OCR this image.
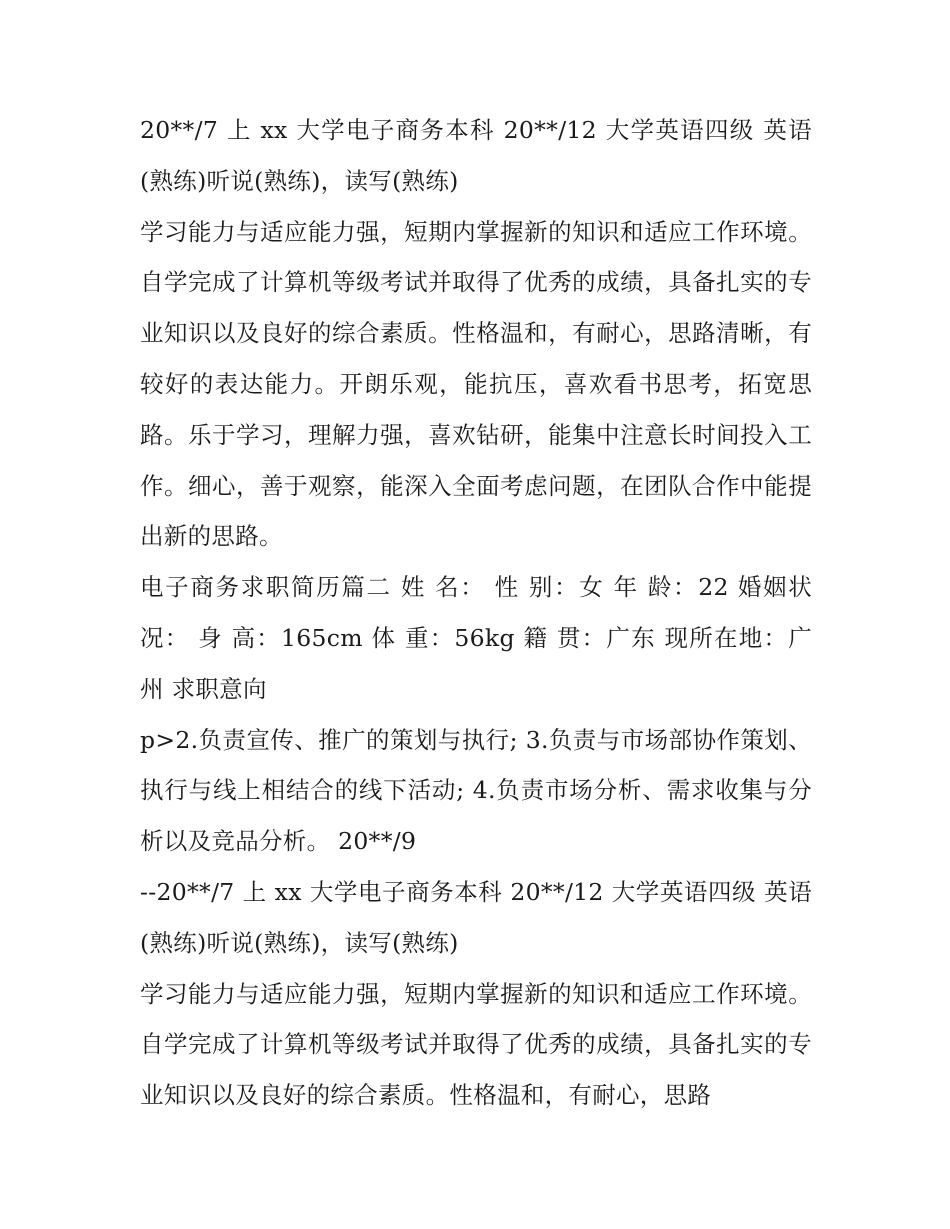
20**/7 上 xx 大学电子商务本科 20**/12 大学英语四级 英语(熟练)听说(熟练)，读写(熟练)

学习能力与适应能力强，短期内掌握新的知识和适应工作环境。自学完成了计算机等级考试并取得了优秀的成绩，具备扎实的专业知识以及良好的综合素质。性格温和，有耐心，思路清晰，有较好的表达能力。开朗乐观，能抗压，喜欢看书思考，拓宽思路。乐于学习，理解力强，喜欢钻研，能集中注意长时间投入工作。细心，善于观察，能深入全面考虑问题，在团队合作中能提出新的思路。

电子商务求职简历篇二 姓 名： 性 别：女 年 龄：22 婚姻状况： 身 高：165cm 体 重：56kg 籍 贯：广东 现所在地：广州 求职意向

p>2.负责宣传、推广的策划与执行; 3.负责与市场部协作策划、执行与线上相结合的线下活动; 4.负责市场分析、需求收集与分析以及竞品分析。 20**/9

--20**/7 上 xx 大学电子商务本科 20**/12 大学英语四级 英语(熟练)听说(熟练)，读写(熟练)

学习能力与适应能力强，短期内掌握新的知识和适应工作环境。自学完成了计算机等级考试并取得了优秀的成绩，具备扎实的专业知识以及良好的综合素质。性格温和，有耐心，思路
